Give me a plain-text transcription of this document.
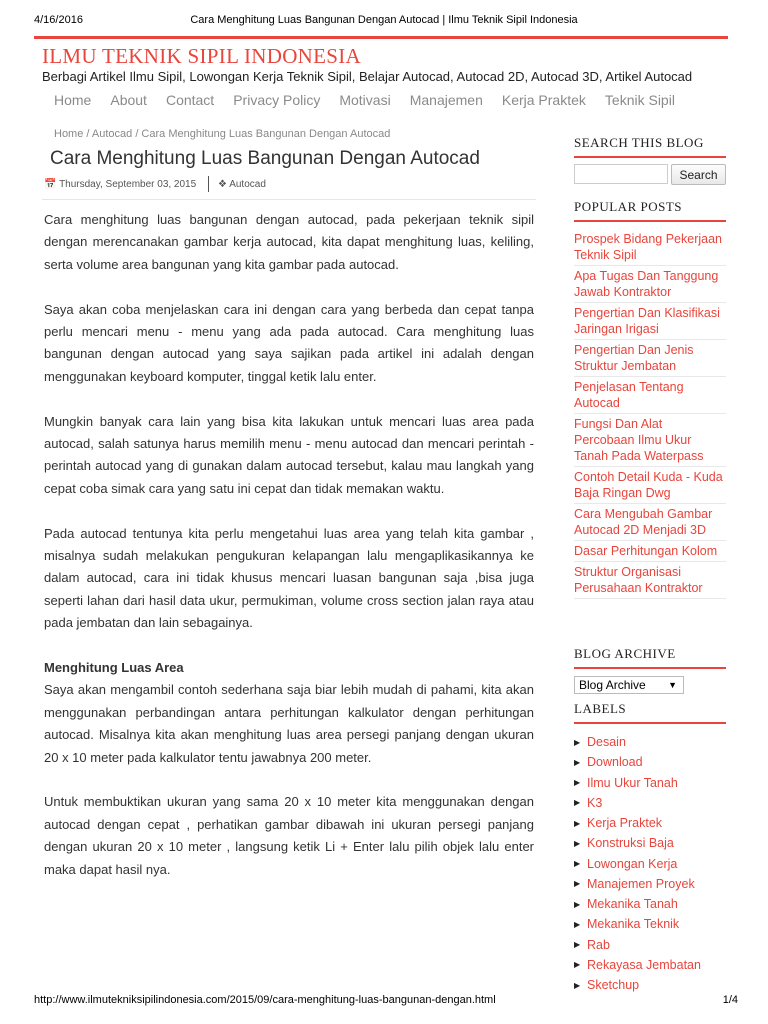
4/16/2016	Cara Menghitung Luas Bangunan Dengan Autocad | Ilmu Teknik Sipil Indonesia
ILMU TEKNIK SIPIL INDONESIA
Berbagi Artikel Ilmu Sipil, Lowongan Kerja Teknik Sipil, Belajar Autocad, Autocad 2D, Autocad 3D, Artikel Autocad
Home About Contact Privacy Policy Motivasi Manajemen Kerja Praktek Teknik Sipil
Home / Autocad / Cara Menghitung Luas Bangunan Dengan Autocad
Cara Menghitung Luas Bangunan Dengan Autocad
📅 Thursday, September 03, 2015 ❖ Autocad

Cara menghitung luas bangunan dengan autocad, pada pekerjaan teknik sipil dengan merencanakan gambar kerja autocad, kita dapat menghitung luas, keliling, serta volume area bangunan yang kita gambar pada autocad.

Saya akan coba menjelaskan cara ini dengan cara yang berbeda dan cepat tanpa perlu mencari menu - menu yang ada pada autocad. Cara menghitung luas bangunan dengan autocad yang saya sajikan pada artikel ini adalah dengan menggunakan keyboard komputer, tinggal ketik lalu enter.

Mungkin banyak cara lain yang bisa kita lakukan untuk mencari luas area pada autocad, salah satunya harus memilih menu - menu autocad dan mencari perintah - perintah autocad yang di gunakan dalam autocad tersebut, kalau mau langkah yang cepat coba simak cara yang satu ini cepat dan tidak memakan waktu.

Pada autocad tentunya kita perlu mengetahui luas area yang telah kita gambar , misalnya sudah melakukan pengukuran kelapangan lalu mengaplikasikannya ke dalam autocad, cara ini tidak khusus mencari luasan bangunan saja ,bisa juga seperti lahan dari hasil data ukur, permukiman, volume cross section jalan raya atau pada jembatan dan lain sebagainya.

Menghitung Luas Area

Saya akan mengambil contoh sederhana saja biar lebih mudah di pahami, kita akan menggunakan perbandingan antara perhitungan kalkulator dengan perhitungan autocad. Misalnya kita akan menghitung luas area persegi panjang dengan ukuran 20 x 10 meter pada kalkulator tentu jawabnya 200 meter.

Untuk membuktikan ukuran yang sama 20 x 10 meter kita menggunakan dengan autocad dengan cepat , perhatikan gambar dibawah ini ukuran persegi panjang dengan ukuran 20 x 10 meter , langsung ketik Li + Enter lalu pilih objek lalu enter maka dapat hasil nya.

SEARCH THIS BLOG
Search
POPULAR POSTS
Prospek Bidang Pekerjaan Teknik Sipil
Apa Tugas Dan Tanggung Jawab Kontraktor
Pengertian Dan Klasifikasi Jaringan Irigasi
Pengertian Dan Jenis Struktur Jembatan
Penjelasan Tentang Autocad
Fungsi Dan Alat Percobaan Ilmu Ukur Tanah Pada Waterpass
Contoh Detail Kuda - Kuda Baja Ringan Dwg
Cara Mengubah Gambar Autocad 2D Menjadi 3D
Dasar Perhitungan Kolom
Struktur Organisasi Perusahaan Kontraktor
BLOG ARCHIVE
Blog Archive ▼
LABELS
▶ Desain
▶ Download
▶ Ilmu Ukur Tanah
▶ K3
▶ Kerja Praktek
▶ Konstruksi Baja
▶ Lowongan Kerja
▶ Manajemen Proyek
▶ Mekanika Tanah
▶ Mekanika Teknik
▶ Rab
▶ Rekayasa Jembatan
▶ Sketchup
http://www.ilmutekniksipilindonesia.com/2015/09/cara-menghitung-luas-bangunan-dengan.html	1/4
